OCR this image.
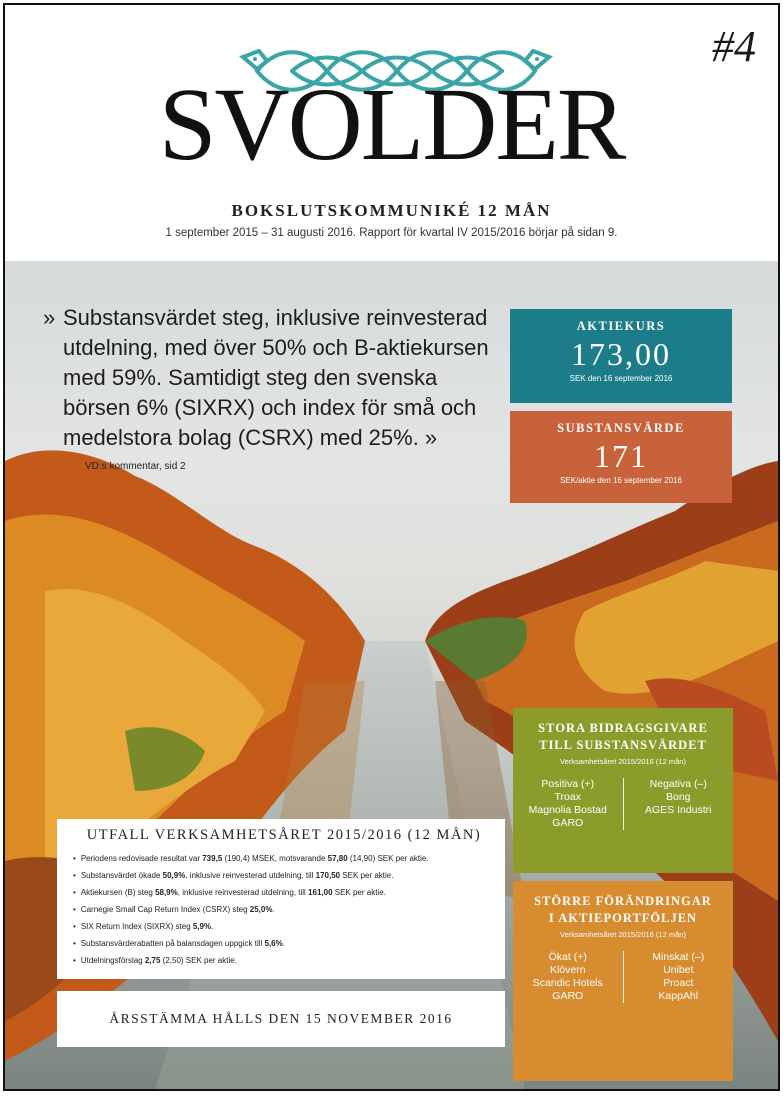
#4
SVOLDER
BOKSLUTSKOMMUNIKÉ 12 MÅN
1 september 2015 – 31 augusti 2016. Rapport för kvartal IV 2015/2016 börjar på sidan 9.
» Substansvärdet steg, inklusive reinvesterad utdelning, med över 50% och B-aktiekursen med 59%. Samtidigt steg den svenska börsen 6% (SIXRX) och index för små och medelstora bolag (CSRX) med 25%. »
VD:s kommentar, sid 2
AKTIEKURS
173,00
SEK den 16 september 2016
SUBSTANSVÄRDE
171
SEK/aktie den 16 september 2016
STORA BIDRAGSGIVARE
TILL SUBSTANSVÄRDET
Verksamhetsåret 2015/2016 (12 mån)
Positiva (+)
Troax
Magnolia Bostad
GARO
Negativa (–)
Bong
AGES Industri
STÖRRE FÖRÄNDRINGAR
I AKTIEPORTFÖLJEN
Verksamhetsåret 2015/2016 (12 mån)
Ökat (+)
Klövern
Scandic Hotels
GARO
Minskat (–)
Unibet
Proact
KappAhl
UTFALL VERKSAMHETSÅRET 2015/2016 (12 MÅN)
• Periodens redovisade resultat var 739,5 (190,4) MSEK, motsvarande 57,80 (14,90) SEK per aktie.
• Substansvärdet ökade 50,9%, inklusive reinvesterad utdelning, till 170,50 SEK per aktie.
• Aktiekursen (B) steg 58,9%, inklusive reinvesterad utdelning, till 161,00 SEK per aktie.
• Carnegie Small Cap Return Index (CSRX) steg 25,0%.
• SIX Return Index (SIXRX) steg 5,9%.
• Substansvärderabatten på balansdagen uppgick till 5,6%.
• Utdelningsförslag 2,75 (2,50) SEK per aktie.
ÅRSSTÄMMA HÅLLS DEN 15 NOVEMBER 2016
